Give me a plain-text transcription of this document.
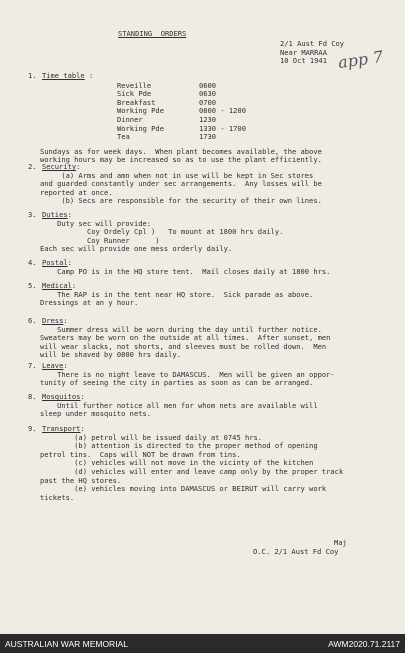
STANDING  ORDERS
2/1 Aust Fd Coy
Near MARRAA
10 Oct 1941 app 7
1. Time table :
Reveille	0600
Sick Pde	0630
Breakfast	0700
Working Pde	0800 - 1200
Dinner	1230
Working Pde	1330 - 1700
Tea	1730
Sundays as for week days.  When plant becomes available, the above
working hours may be increased so as to use the plant efficiently.
2. Security:
(a) Arms and amn when not in use will be kept in Sec stores
and guarded constantly under sec arrangements.  Any losses will be
reported at once.
(b) Secs are responsible for the security of their own lines.
3. Duties:
Duty sec will provide:
Coy Ordely Cpl )   To mount at 1800 hrs daily.
Coy Runner      )
Each sec will provide one mess orderly daily.
4. Postal:
Camp PO is in the HQ store tent.  Mail closes daily at 1800 hrs.
5. Medical:
The RAP is in the tent near HQ store.  Sick parade as above.
Dressings at an y hour.
6. Dress:
Summer dress will be worn during the day until further notice.
Sweaters may be worn on the outside at all times.  After sunset, men
will wear slacks, not shorts, and sleeves must be rolled down.  Men
will be shaved by 0800 hrs daily.
7. Leave:
There is no night leave to DAMASCUS.  Men will be given an oppor-
tunity of seeing the city in parties as soon as can be arranged.
8. Mosquitos:
Until further notice all men for whom nets are available will
sleep under mosquito nets.
9. Transport:
(a) petrol will be issued daily at 0745 hrs.
(b) attention is directed to the proper method of opening
petrol tins.  Caps will NOT be drawn from tins.
(c) vehicles will not move in the vicinty of the kitchen
(d) vehicles will enter and leave camp only by the proper track
past the HQ stores.
(e) vehicles moving into DAMASCUS or BEIRUT will carry work
tickets.
Maj
O.C. 2/1 Aust Fd Coy
AUSTRALIAN WAR MEMORIAL	AWM2020.71.2117
